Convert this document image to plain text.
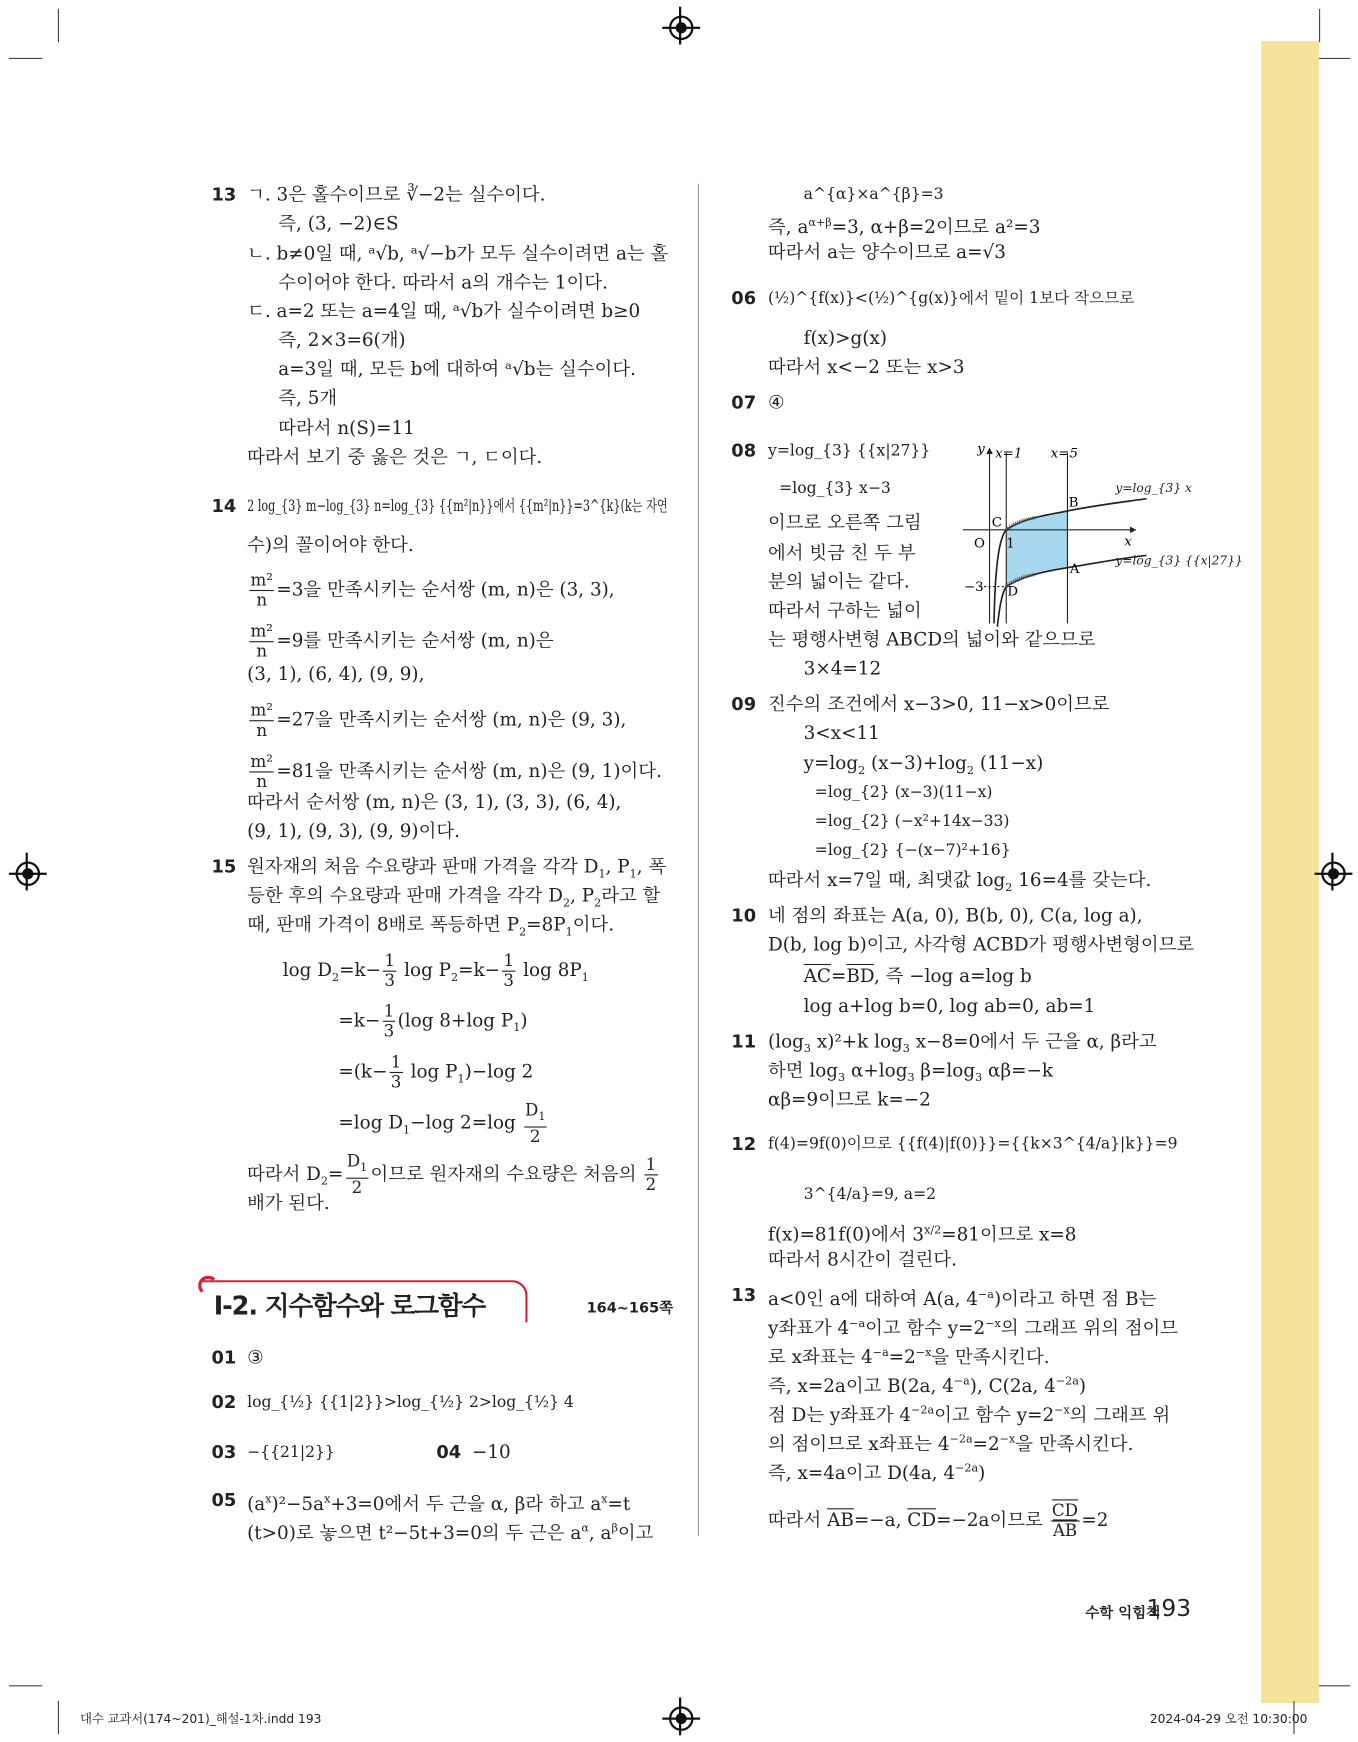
13 ㄱ. 3은 홀수이므로 ∛−2는 실수이다.
즉, (3, −2)∈S
ㄴ. b≠0일 때, ᵃ√b, ᵃ√−b가 모두 실수이려면 a는 홀
수이어야 한다. 따라서 a의 개수는 1이다.
ㄷ. a=2 또는 a=4일 때, ᵃ√b가 실수이려면 b≥0
즉, 2×3=6(개)
a=3일 때, 모든 b에 대하여 ᵃ√b는 실수이다.
즉, 5개
따라서 n(S)=11
따라서 보기 중 옳은 것은 ㄱ, ㄷ이다.
14 2 log_{3} m−log_{3} n=log_{3} {{m²|n}}에서 {{m²|n}}=3^{k}(k는 자연
수)의 꼴이어야 한다.
$\frac{\text{m²}}{n} =3$을 만족시키는 순서쌍 (m, n)은 (3, 3),
$\frac{\text{m²}}{n} =9$를 만족시키는 순서쌍 (m, n)은
(3, 1), (6, 4), (9, 9),
$\frac{\text{m²}}{n} =27$을 만족시키는 순서쌍 (m, n)은 (9, 3),
$\frac{\text{m²}}{n} =81$을 만족시키는 순서쌍 (m, n)은 (9, 1)이다.
따라서 순서쌍 (m, n)은 (3, 1), (3, 3), (6, 4),
(9, 1), (9, 3), (9, 9)이다.
15 원자재의 처음 수요량과 판매 가격을 각각 $D_1$, $P_1$, 폭
등한 후의 수요량과 판매 가격을 각각 $D_2$, $P_2$라고 할
때, 판매 가격이 8배로 폭등하면 $P_2=8P_1$이다.
$\log D_2=k- \frac{1}{3}$ $\log P_2=k- \frac{1}{3}$ $\log 8P_1$
$=k- \frac{1}{3} (\log$ 8+log $P_1$)
$=(k- \frac{1}{3}$ $\log P_1)-\log$ 2
=log $D_1-\log$ $2=\log \frac{D_1}{2}$
따라서 $D_2= \frac{D_1}{2}$ 이므로 원자재의 수요량은 처음의 $\frac{1}{2}$
배가 된다.
01 ③
02 log_{½} {{1|2}}>log_{½} 2>log_{½} 4
03 −{{21|2}}	04 −10
05 $(a^x)^2-5a^x+3=0$에서 두 근을 α, β라 하고 $a^x=t$
(t>0)로 놓으면 t²−5t+3=0의 두 근은 $a^\alpha$, $a^\beta$이고
a^{α}×a^{β}=3
즉, $a^{\alpha+\beta}=3$, α+β=2이므로 a²=3
따라서 a는 양수이므로 a=√3
06 (½)^{f(x)}<(½)^{g(x)}에서 밑이 1보다 작으므로
f(x)>g(x)
따라서 x<−2 또는 x>3
07 ④
08 y=log_{3} {{x|27}}
=log_{3} x−3
이므로 오른쪽 그림
에서 빗금 친 두 부
분의 넓이는 같다.
따라서 구하는 넓이
는 평행사변형 ABCD의 넓이와 같으므로
3×4=12
09 진수의 조건에서 x−3>0, 11−x>0이므로
3<x<11
$y=\log_2$ $(x-3)+\log_2$ (11−x)
=log_{2} (x−3)(11−x)
=log_{2} (−x²+14x−33)
=log_{2} {−(x−7)²+16}
따라서 x=7일 때, 최댓값 $\log_2 16=4$를 갖는다.
10 네 점의 좌표는 A(a, 0), B(b, 0), C(a, log a),
D(b, log b)이고, 사각형 ACBD가 평행사변형이므로
$\overline{AC}=\overline{BD}$, 즉 −log a=log b
log a+log b=0, log ab=0, ab=1
11 ($\log_3$ x)²+k $\log_3 x-8=0$에서 두 근을 α, β라고
하면 $\log_3 \alpha+\log_3$ $\beta=\log_3$ αβ=−k
αβ=9이므로 k=−2
12 f(4)=9f(0)이므로 {{f(4)|f(0)}}={{k×3^{4/a}|k}}=9
3^{4/a}=9, a=2
f(x)=81f(0)에서 $3^{x/2}=81$이므로 x=8
따라서 8시간이 걸린다.
13 a<0인 a에 대하여 A(a, $4^{-a}$)이라고 하면 점 B는
y좌표가 $4^{-a}$이고 함수 $y=2^{-x}$의 그래프 위의 점이므
로 x좌표는 $4^{-a}=2^{-x}$을 만족시킨다.
즉, x=2a이고 B(2a, $4^{-a}$), C(2a, $4^{-2a}$)
점 D는 y좌표가 $4^{-2a}$이고 함수 $y=2^{-x}$의 그래프 위
의 점이므로 x좌표는 $4^{-2a}=2^{-x}$을 만족시킨다.
즉, x=4a이고 D(4a, $4^{-2a}$)
따라서 $\overline{AB}=-a$, $\overline{CD}=-2a$이므로 $\frac{\overline{CD}}{AB} =2$
Ⅰ-2. 지수함수와 로그함수	164~165쪽
y x=1 x=5
x
O 1
−3
B
C
A
D
y=log_{3} x
y=log_{3} {{x|27}}
수학 익힘책
193
대수 교과서(174~201)_해설-1차.indd 193	2024-04-29 오전 10:30:00
